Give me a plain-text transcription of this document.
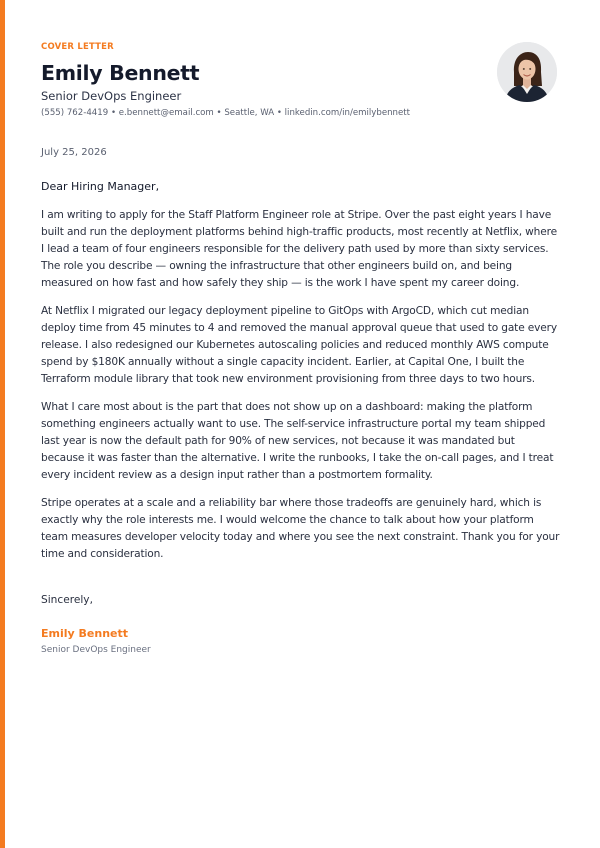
COVER LETTER
Emily Bennett
Senior DevOps Engineer
(555) 762-4419 • e.bennett@email.com • Seattle, WA • linkedin.com/in/emilybennett
July 25, 2026
Dear Hiring Manager,

I am writing to apply for the Staff Platform Engineer role at Stripe. Over the past eight years I have built and run the deployment platforms behind high-traffic products, most recently at Netflix, where I lead a team of four engineers responsible for the delivery path used by more than sixty services. The role you describe — owning the infrastructure that other engineers build on, and being measured on how fast and how safely they ship — is the work I have spent my career doing.

At Netflix I migrated our legacy deployment pipeline to GitOps with ArgoCD, which cut median deploy time from 45 minutes to 4 and removed the manual approval queue that used to gate every release. I also redesigned our Kubernetes autoscaling policies and reduced monthly AWS compute spend by $180K annually without a single capacity incident. Earlier, at Capital One, I built the Terraform module library that took new environment provisioning from three days to two hours.

What I care most about is the part that does not show up on a dashboard: making the platform something engineers actually want to use. The self-service infrastructure portal my team shipped last year is now the default path for 90% of new services, not because it was mandated but because it was faster than the alternative. I write the runbooks, I take the on-call pages, and I treat every incident review as a design input rather than a postmortem formality.

Stripe operates at a scale and a reliability bar where those tradeoffs are genuinely hard, which is exactly why the role interests me. I would welcome the chance to talk about how your platform team measures developer velocity today and where you see the next constraint. Thank you for your time and consideration.

Sincerely,
Emily Bennett
Senior DevOps Engineer
